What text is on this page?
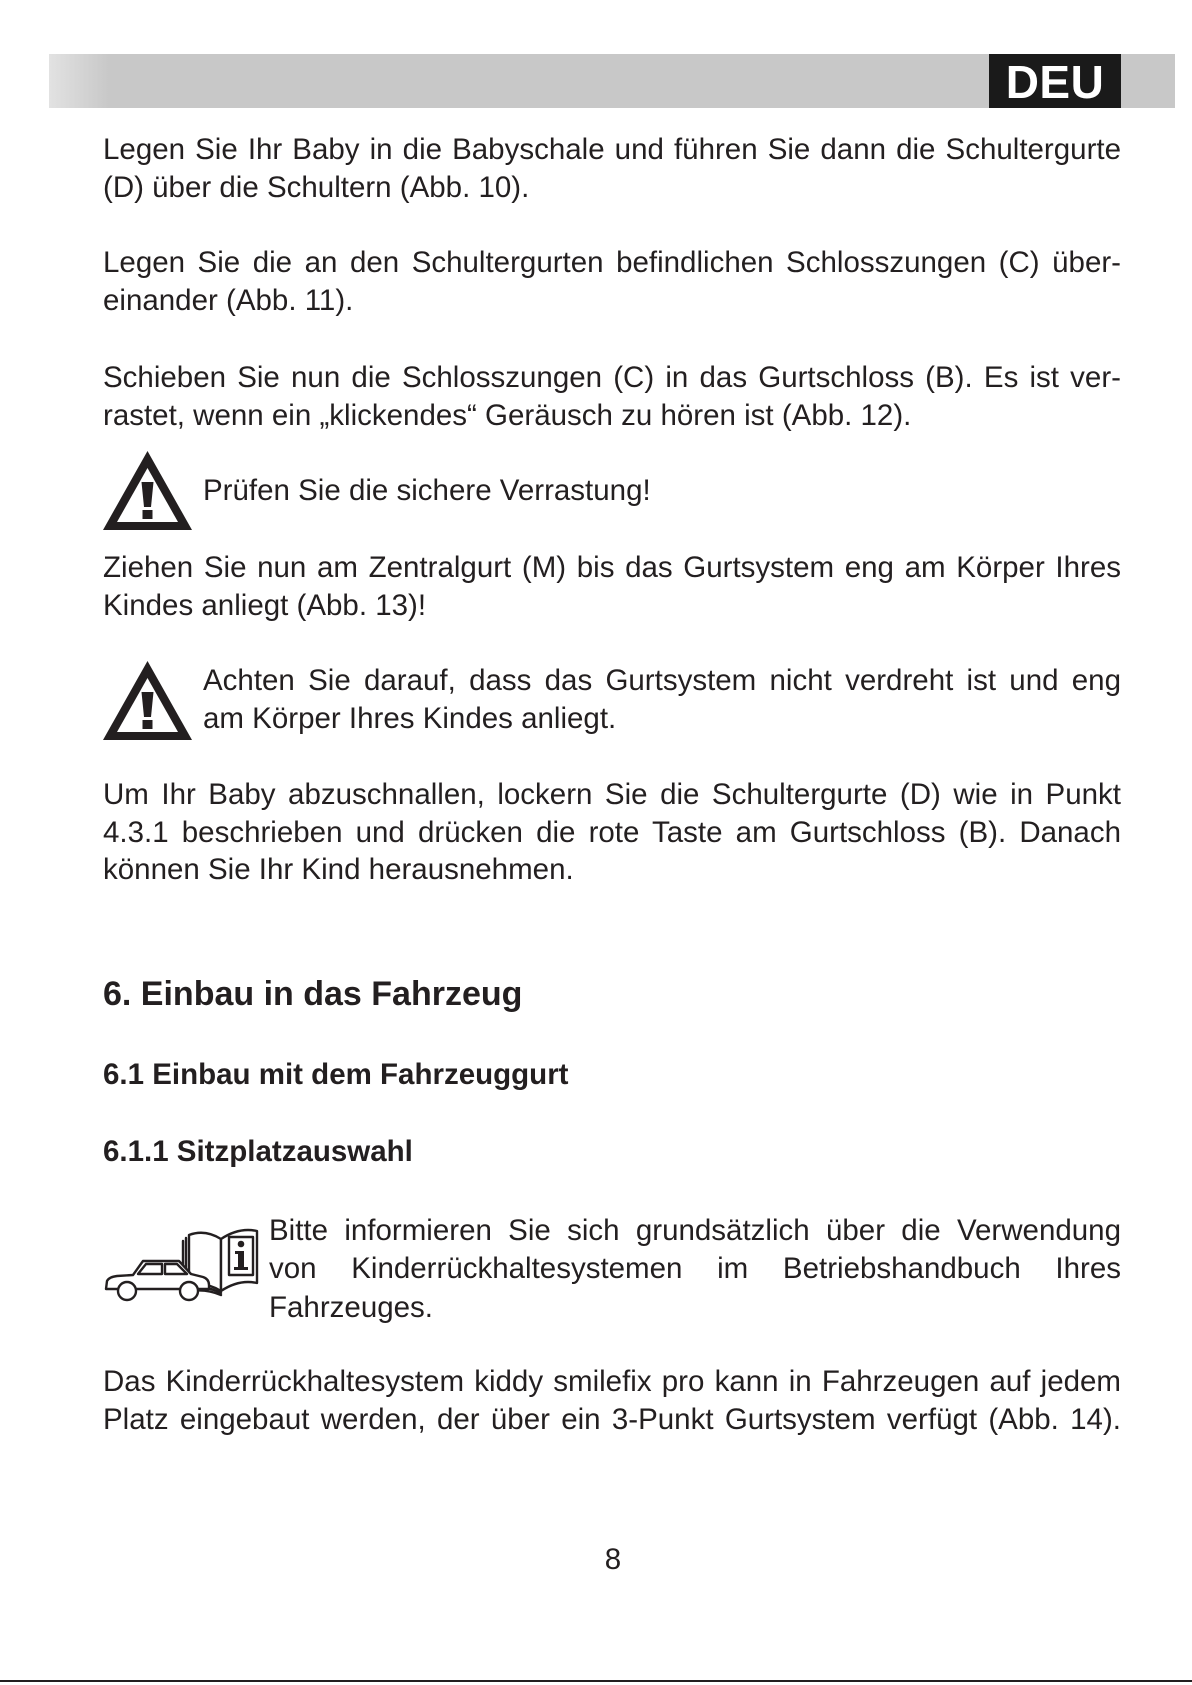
DEU
Legen Sie Ihr Baby in die Babyschale und führen Sie dann die Schultergurte
(D) über die Schultern (Abb. 10).
Legen Sie die an den Schultergurten befindlichen Schlosszungen (C) über-
einander (Abb. 11).
Schieben Sie nun die Schlosszungen (C) in das Gurtschloss (B). Es ist ver-
rastet, wenn ein „klickendes“ Geräusch zu hören ist (Abb. 12).
Prüfen Sie die sichere Verrastung!
Ziehen Sie nun am Zentralgurt (M) bis das Gurtsystem eng am Körper Ihres
Kindes anliegt (Abb. 13)!
Achten Sie darauf, dass das Gurtsystem nicht verdreht ist und eng
am Körper Ihres Kindes anliegt.
Um Ihr Baby abzuschnallen, lockern Sie die Schultergurte (D) wie in Punkt
4.3.1 beschrieben und drücken die rote Taste am Gurtschloss (B). Danach
können Sie Ihr Kind herausnehmen.
6. Einbau in das Fahrzeug
6.1 Einbau mit dem Fahrzeuggurt
6.1.1 Sitzplatzauswahl
Bitte informieren Sie sich grundsätzlich über die Verwendung
von Kinderrückhaltesystemen im Betriebshandbuch Ihres
Fahrzeuges.
Das Kinderrückhaltesystem kiddy smilefix pro kann in Fahrzeugen auf jedem
Platz eingebaut werden, der über ein 3-Punkt Gurtsystem verfügt (Abb. 14).
8
